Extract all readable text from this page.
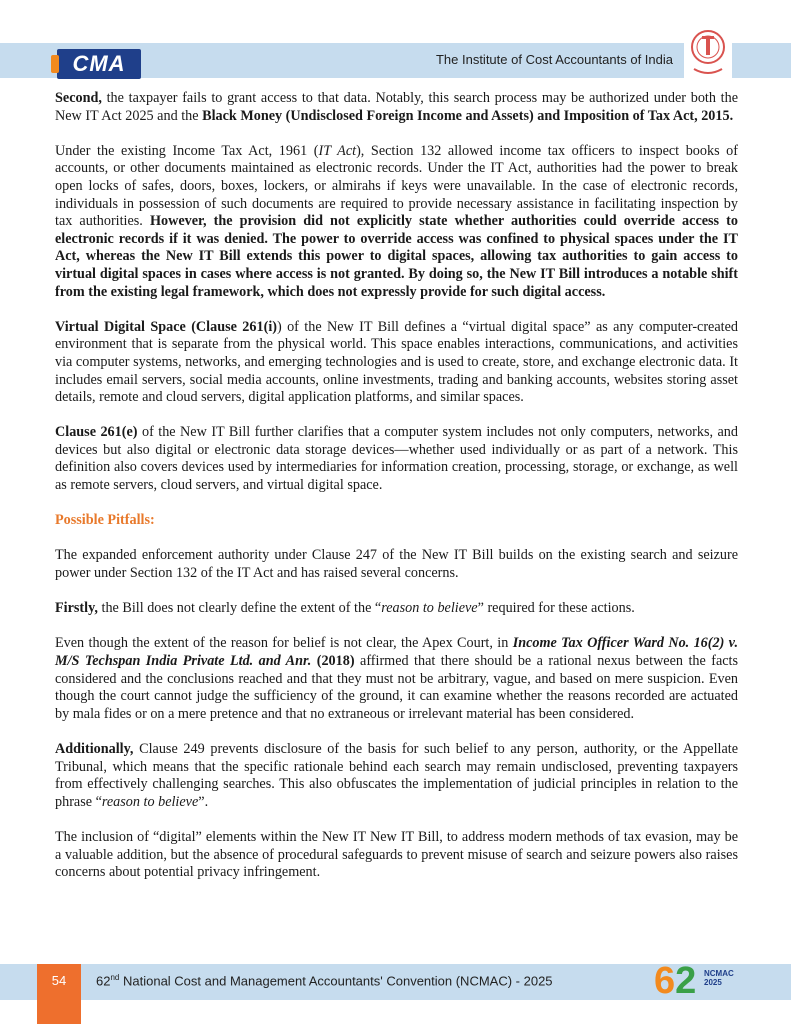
CMA	The Institute of Cost Accountants of India

Second, the taxpayer fails to grant access to that data. Notably, this search process may be authorized under both the New IT Act 2025 and the Black Money (Undisclosed Foreign Income and Assets) and Imposition of Tax Act, 2015.

Under the existing Income Tax Act, 1961 (IT Act), Section 132 allowed income tax officers to inspect books of accounts, or other documents maintained as electronic records. Under the IT Act, authorities had the power to break open locks of safes, doors, boxes, lockers, or almirahs if keys were unavailable. In the case of electronic records, individuals in possession of such documents are required to provide necessary assistance in facilitating inspection by tax authorities. However, the provision did not explicitly state whether authorities could override access to electronic records if it was denied. The power to override access was confined to physical spaces under the IT Act, whereas the New IT Bill extends this power to digital spaces, allowing tax authorities to gain access to virtual digital spaces in cases where access is not granted. By doing so, the New IT Bill introduces a notable shift from the existing legal framework, which does not expressly provide for such digital access.

Virtual Digital Space (Clause 261(i)) of the New IT Bill defines a “virtual digital space” as any computer-created environment that is separate from the physical world. This space enables interactions, communications, and activities via computer systems, networks, and emerging technologies and is used to create, store, and exchange electronic data. It includes email servers, social media accounts, online investments, trading and banking accounts, websites storing asset details, remote and cloud servers, digital application platforms, and similar spaces.

Clause 261(e) of the New IT Bill further clarifies that a computer system includes not only computers, networks, and devices but also digital or electronic data storage devices—whether used individually or as part of a network. This definition also covers devices used by intermediaries for information creation, processing, storage, or exchange, as well as remote servers, cloud servers, and virtual digital space.

Possible Pitfalls:

The expanded enforcement authority under Clause 247 of the New IT Bill builds on the existing search and seizure power under Section 132 of the IT Act and has raised several concerns.

Firstly, the Bill does not clearly define the extent of the “reason to believe” required for these actions.

Even though the extent of the reason for belief is not clear, the Apex Court, in Income Tax Officer Ward No. 16(2) v. M/S Techspan India Private Ltd. and Anr. (2018) affirmed that there should be a rational nexus between the facts considered and the conclusions reached and that they must not be arbitrary, vague, and based on mere suspicion. Even though the court cannot judge the sufficiency of the ground, it can examine whether the reasons recorded are actuated by mala fides or on a mere pretence and that no extraneous or irrelevant material has been considered.

Additionally, Clause 249 prevents disclosure of the basis for such belief to any person, authority, or the Appellate Tribunal, which means that the specific rationale behind each search may remain undisclosed, preventing taxpayers from effectively challenging searches. This also obfuscates the implementation of judicial principles in relation to the phrase “reason to believe”.

The inclusion of “digital” elements within the New IT New IT Bill, to address modern methods of tax evasion, may be a valuable addition, but the absence of procedural safeguards to prevent misuse of search and seizure powers also raises concerns about potential privacy infringement.

54	62nd National Cost and Management Accountants' Convention (NCMAC) - 2025	62 NCMAC
2025
